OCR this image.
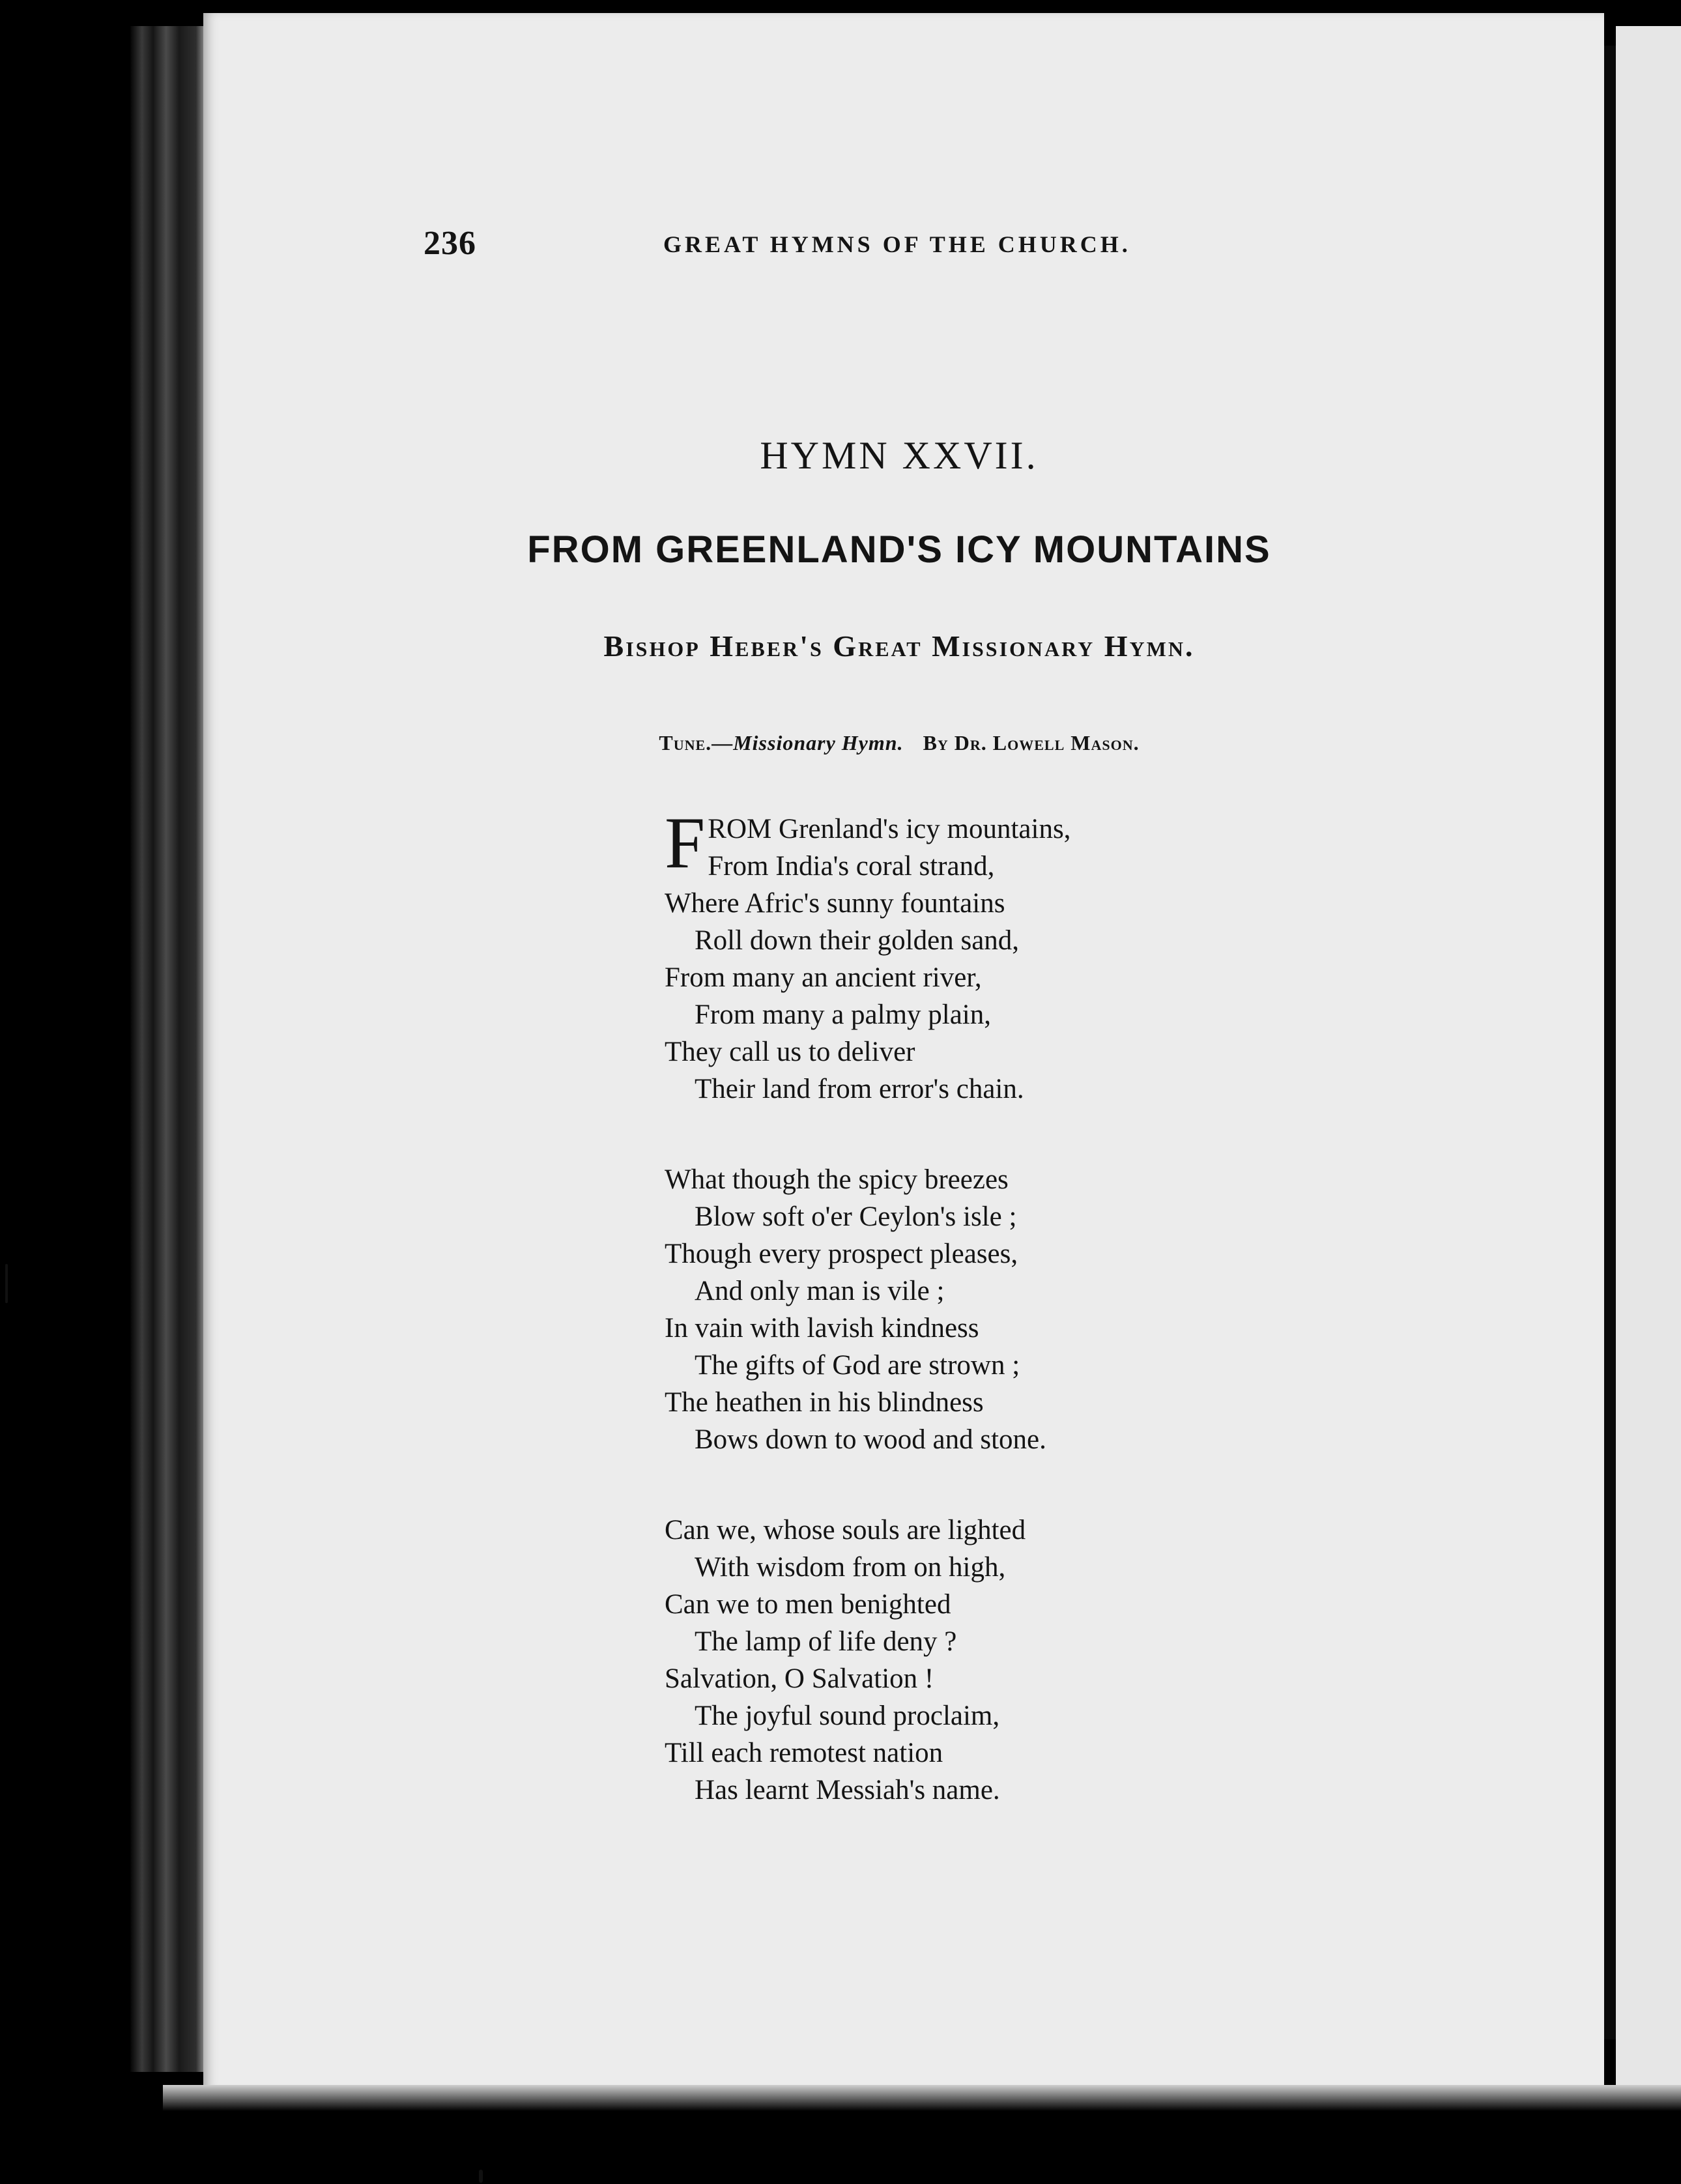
236	GREAT HYMNS OF THE CHURCH.
HYMN XXVII.
FROM GREENLAND'S ICY MOUNTAINS
Bishop Heber's Great Missionary Hymn.
Tune.—Missionary Hymn. By Dr. Lowell Mason.
FROM Grenland's icy mountains,
From India's coral strand,
Where Afric's sunny fountains
Roll down their golden sand,
From many an ancient river,
From many a palmy plain,
They call us to deliver
Their land from error's chain.
What though the spicy breezes
Blow soft o'er Ceylon's isle ;
Though every prospect pleases,
And only man is vile ;
In vain with lavish kindness
The gifts of God are strown ;
The heathen in his blindness
Bows down to wood and stone.
Can we, whose souls are lighted
With wisdom from on high,
Can we to men benighted
The lamp of life deny ?
Salvation, O Salvation !
The joyful sound proclaim,
Till each remotest nation
Has learnt Messiah's name.
